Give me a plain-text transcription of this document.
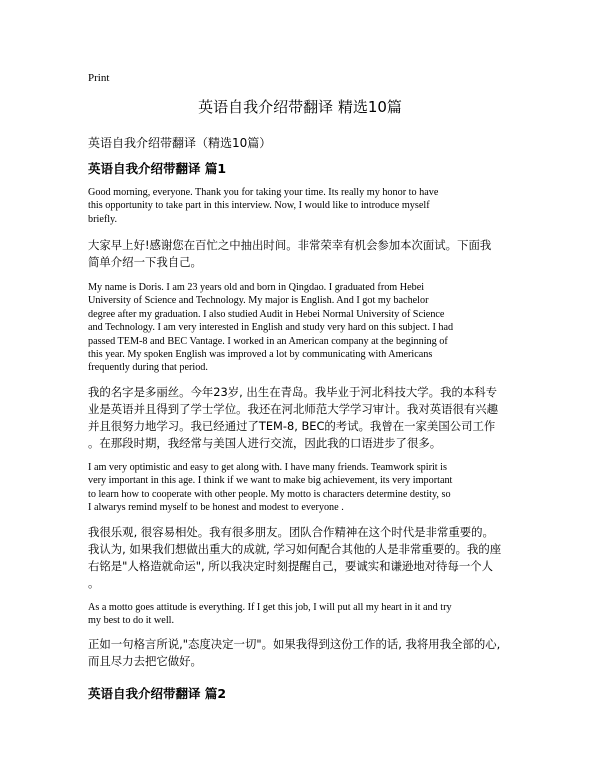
Print
英语自我介绍带翻译 精选10篇
英语自我介绍带翻译（精选10篇）
英语自我介绍带翻译 篇1

Good morning, everyone. Thank you for taking your time. Its really my honor to have

this opportunity to take part in this interview. Now, I would like to introduce myself

briefly.

大家早上好!感谢您在百忙之中抽出时间。非常荣幸有机会参加本次面试。下面我

简单介绍一下我自己。

My name is Doris. I am 23 years old and born in Qingdao. I graduated from Hebei

University of Science and Technology. My major is English. And I got my bachelor

degree after my graduation. I also studied Audit in Hebei Normal University of Science

and Technology. I am very interested in English and study very hard on this subject. I had

passed TEM-8 and BEC Vantage. I worked in an American company at the beginning of

this year. My spoken English was improved a lot by communicating with Americans

frequently during that period.

我的名字是多丽丝。今年23岁, 出生在青岛。我毕业于河北科技大学。我的本科专

业是英语并且得到了学士学位。我还在河北师范大学学习审计。我对英语很有兴趣

并且很努力地学习。我已经通过了TEM-8, BEC的考试。我曾在一家美国公司工作

。在那段时期，我经常与美国人进行交流，因此我的口语进步了很多。

I am very optimistic and easy to get along with. I have many friends. Teamwork spirit is

very important in this age. I think if we want to make big achievement, its very important

to learn how to cooperate with other people. My motto is characters determine destity, so

I alwarys remind myself to be honest and modest to everyone .

我很乐观, 很容易相处。我有很多朋友。团队合作精神在这个时代是非常重要的。

我认为, 如果我们想做出重大的成就, 学习如何配合其他的人是非常重要的。我的座

右铭是"人格造就命运", 所以我决定时刻提醒自己，要诚实和谦逊地对待每一个人

。

As a motto goes attitude is everything. If I get this job, I will put all my heart in it and try

my best to do it well.

正如一句格言所说,"态度决定一切"。如果我得到这份工作的话, 我将用我全部的心,

而且尽力去把它做好。

英语自我介绍带翻译 篇2
